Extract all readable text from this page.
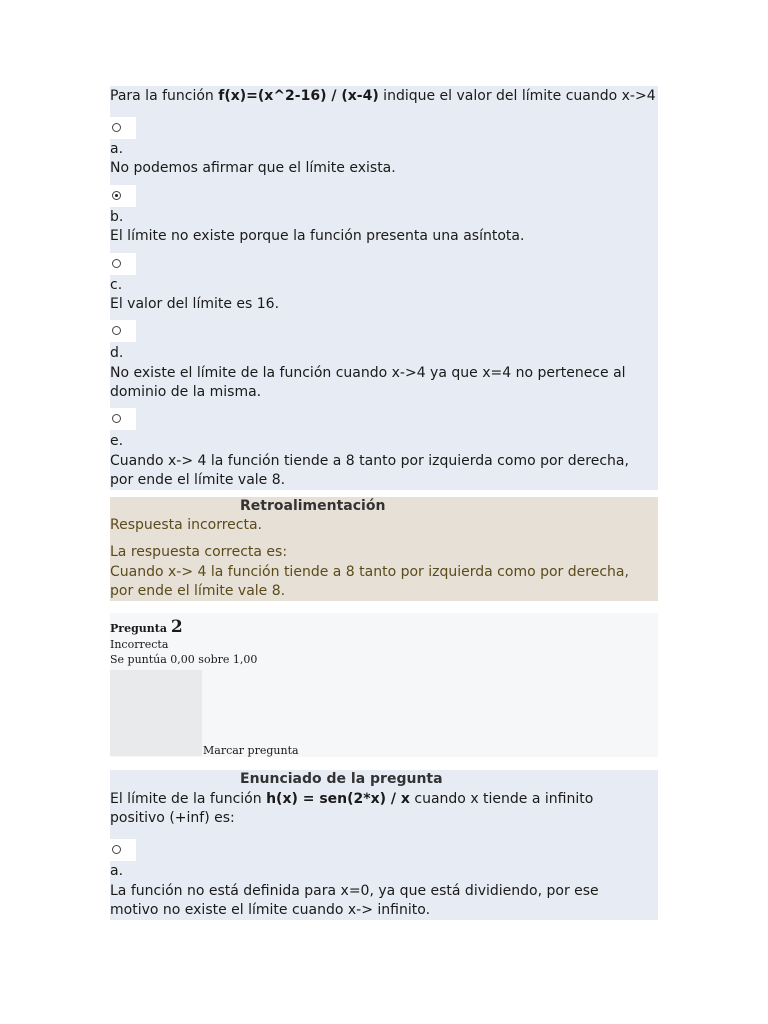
Para la función f(x)=(x^2-16) / (x-4) indique el valor del límite cuando x->4
a.
No podemos afirmar que el límite exista.
b.
El límite no existe porque la función presenta una asíntota.
c.
El valor del límite es 16.
d.
No existe el límite de la función cuando x->4 ya que x=4 no pertenece al dominio de la misma.
e.
Cuando x-> 4 la función tiende a 8 tanto por izquierda como por derecha, por ende el límite vale 8.
Retroalimentación
Respuesta incorrecta.
La respuesta correcta es:
Cuando x-> 4 la función tiende a 8 tanto por izquierda como por derecha, por ende el límite vale 8.
Pregunta 2
Incorrecta
Se puntúa 0,00 sobre 1,00
Marcar pregunta
Enunciado de la pregunta
El límite de la función h(x) = sen(2*x) / x cuando x tiende a infinito positivo (+inf) es:
a.
La función no está definida para x=0, ya que está dividiendo, por ese motivo no existe el límite cuando x-> infinito.
